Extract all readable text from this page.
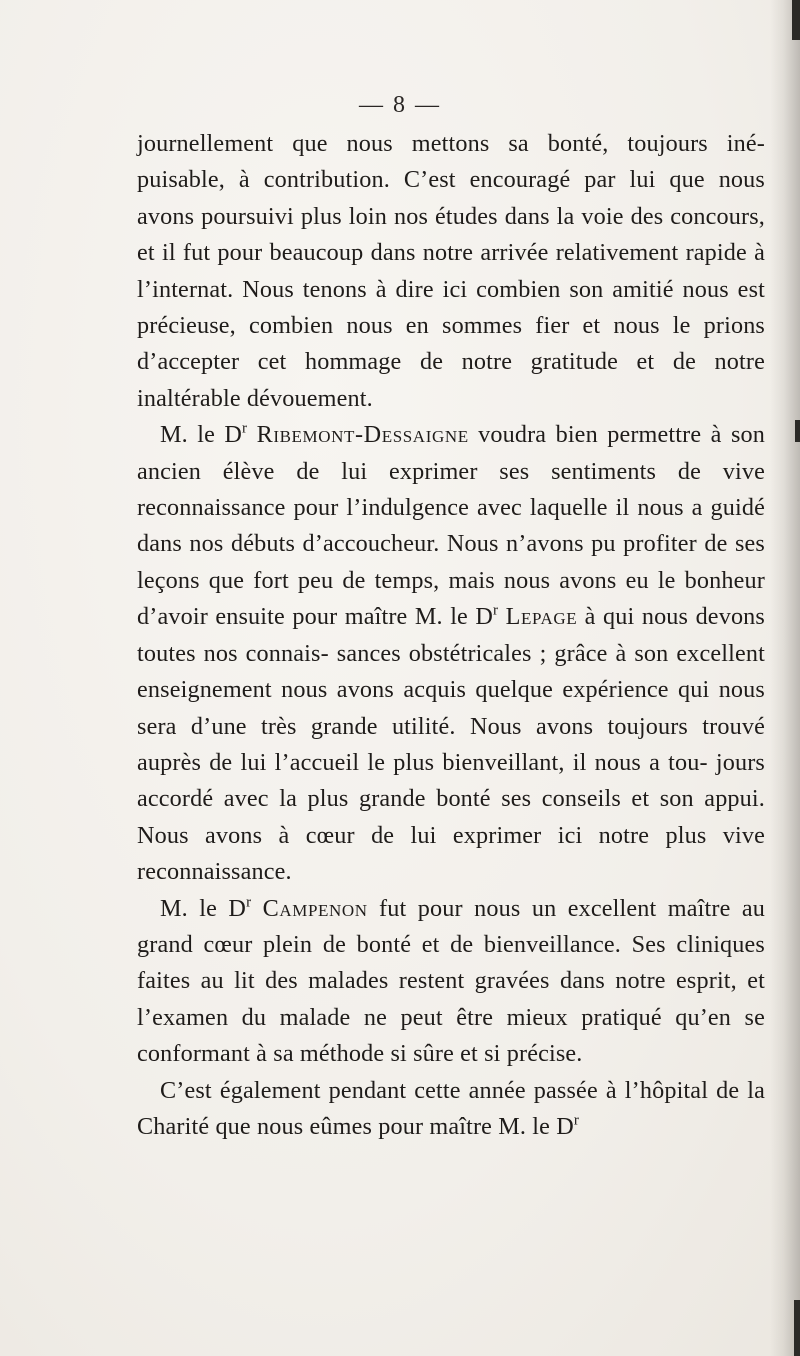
— 8 —

journellement que nous mettons sa bonté, toujours iné- puisable, à contribution. C’est encouragé par lui que nous avons poursuivi plus loin nos études dans la voie des concours, et il fut pour beaucoup dans notre arrivée relativement rapide à l’internat. Nous tenons à dire ici combien son amitié nous est précieuse, combien nous en sommes fier et nous le prions d’accepter cet hommage de notre gratitude et de notre inaltérable dévouement.

M. le $D^r$ Ribemont-Dessaigne voudra bien permettre à son ancien élève de lui exprimer ses sentiments de vive reconnaissance pour l’indulgence avec laquelle il nous a guidé dans nos débuts d’accoucheur. Nous n’avons pu profiter de ses leçons que fort peu de temps, mais nous avons eu le bonheur d’avoir ensuite pour maître M. le $D^r$ Lepage à qui nous devons toutes nos connais- sances obstétricales ; grâce à son excellent enseignement nous avons acquis quelque expérience qui nous sera d’une très grande utilité. Nous avons toujours trouvé auprès de lui l’accueil le plus bienveillant, il nous a tou- jours accordé avec la plus grande bonté ses conseils et son appui. Nous avons à cœur de lui exprimer ici notre plus vive reconnaissance.

M. le $D^r$ Campenon fut pour nous un excellent maître au grand cœur plein de bonté et de bienveillance. Ses cliniques faites au lit des malades restent gravées dans notre esprit, et l’examen du malade ne peut être mieux pratiqué qu’en se conformant à sa méthode si sûre et si précise.

C’est également pendant cette année passée à l’hôpital de la Charité que nous eûmes pour maître M. le $D^r$
